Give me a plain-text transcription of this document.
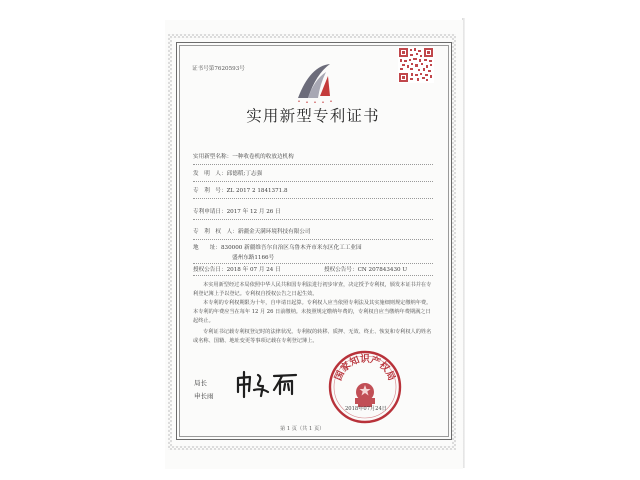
证书号第7620593号
实用新型专利证书
实用新型名称：一种收卷机的收放边机构
发　明　人：邱德稻;丁志强
专　利　号：ZL 2017 2 1841371.8
专利申请日：2017 年 12 月 26 日
专　利　权　人：新疆金天满环境科技有限公司
地　　址：830000 新疆维吾尔自治区乌鲁木齐市米东区化工工业园
盛州东路1166号
授权公告日：2018 年 07 月 24 日	授权公告号：CN 207843430 U

本实用新型经过本局依照中华人民共和国专利法进行初步审查，决定授予专利权，颁发本证书并在专利登记簿上予以登记。专利权自授权公告之日起生效。

本专利的专利权期限为十年，自申请日起算。专利权人应当依照专利法及其实施细则规定缴纳年费。本专利的年费应当在每年 12 月 26 日前缴纳。未按照规定缴纳年费的，专利权自应当缴纳年费期满之日起终止。

专利证书记载专利权登记时的法律状况。专利权的转移、质押、无效、终止、恢复和专利权人的姓名或名称、国籍、地址变更等事项记载在专利登记簿上。

局长
申长雨
国家知识产权局
2018年07月24日
第 1 页（共 1 页）
